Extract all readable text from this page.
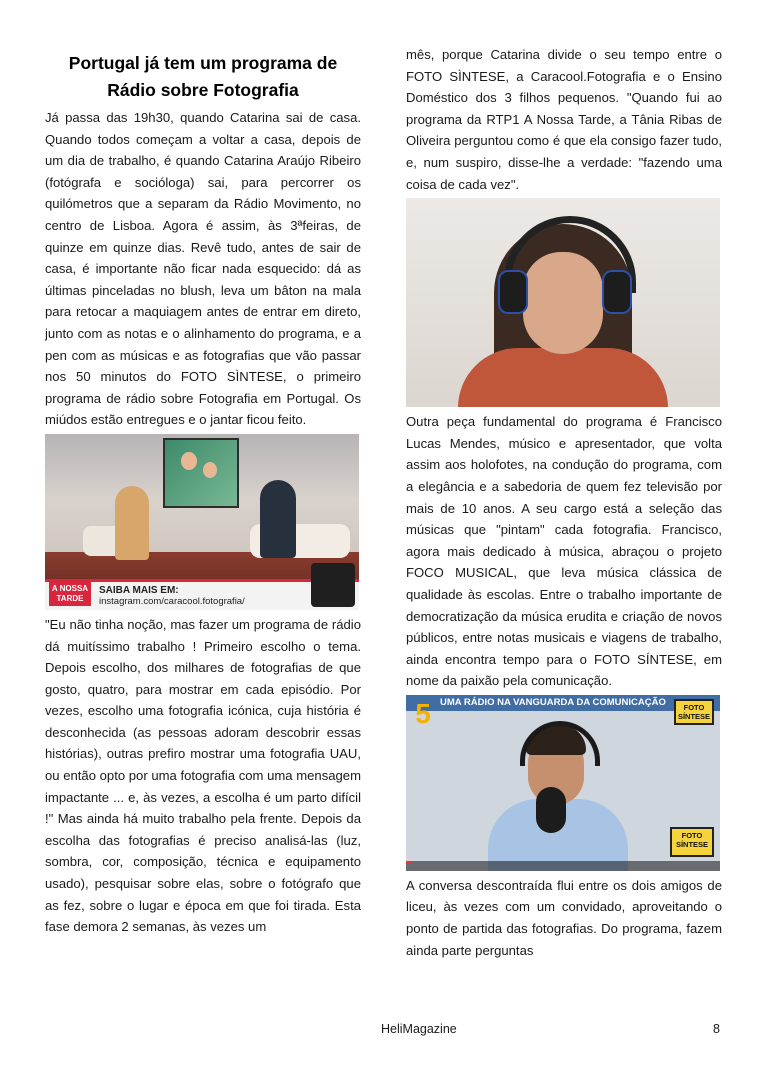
Portugal já tem um programa de
Rádio sobre Fotografia

Já passa das 19h30, quando Catarina sai de casa. Quando todos começam a voltar a casa, depois de um dia de trabalho, é quando Catarina Araújo Ribeiro (fotógrafa e socióloga) sai, para percorrer os quilómetros que a separam da Rádio Movimento, no centro de Lisboa. Agora é assim, às 3ªfeiras, de quinze em quinze dias. Revê tudo, antes de sair de casa, é importante não ficar nada esquecido: dá as últimas pinceladas no blush, leva um bâton na mala para retocar a maquiagem antes de entrar em direto, junto com as notas e o alinhamento do programa, e a pen com as músicas e as fotografias que vão passar nos 50 minutos do FOTO SÌNTESE, o primeiro programa de rádio sobre Fotografia em Portugal. Os miúdos estão entregues e o jantar ficou feito.

A NOSSA
TARDE
SAIBA MAIS EM:
instagram.com/caracool.fotografia/

"Eu não tinha noção, mas fazer um programa de rádio dá muitíssimo trabalho ! Primeiro escolho o tema. Depois escolho, dos milhares de fotografias de que gosto, quatro, para mostrar em cada episódio. Por vezes, escolho uma fotografia icónica, cuja história é desconhecida (as pessoas adoram descobrir essas histórias), outras prefiro mostrar uma fotografia UAU, ou então opto por uma fotografia com uma mensagem impactante ... e, às vezes, a escolha é um parto difícil !" Mas ainda há muito trabalho pela frente. Depois da escolha das fotografias é preciso analisá-las (luz, sombra, cor, composição, técnica e equipamento usado), pesquisar sobre elas, sobre o fotógrafo que as fez, sobre o lugar e época em que foi tirada. Esta fase demora 2 semanas, às vezes um

mês, porque Catarina divide o seu tempo entre o FOTO SÌNTESE, a Caracool.Fotografia e o Ensino Doméstico dos 3 filhos pequenos. "Quando fui ao programa da RTP1 A Nossa Tarde, a Tânia Ribas de Oliveira perguntou como é que ela consigo fazer tudo, e, num suspiro, disse-lhe a verdade: "fazendo uma coisa de cada vez".

Outra peça fundamental do programa é Francisco Lucas Mendes, músico e apresentador, que volta assim aos holofotes, na condução do programa, com a elegância e a sabedoria de quem fez televisão por mais de 10 anos. A seu cargo está a seleção das músicas que "pintam" cada fotografia. Francisco, agora mais dedicado à música, abraçou o projeto FOCO MUSICAL, que leva música clássica de qualidade às escolas. Entre o trabalho importante de democratização da música erudita e criação de novos públicos, entre notas musicais e viagens de trabalho, ainda encontra tempo para o FOTO SÍNTESE, em nome da paixão pela comunicação.

UMA RÁDIO NA VANGUARDA DA COMUNICAÇÃO
5	FOTO
SÍNTESE
FOTO
SÍNTESE

A conversa descontraída flui entre os dois amigos de liceu, às vezes com um convidado, aproveitando o ponto de partida das fotografias. Do programa, fazem ainda parte perguntas

HeliMagazine	8
